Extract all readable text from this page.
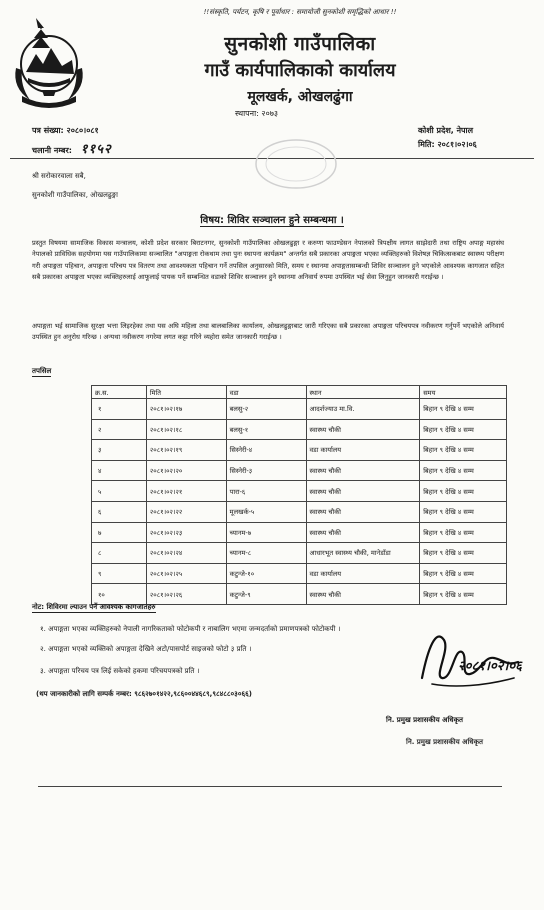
!!संस्कृति, पर्यटन, कृषि र पूर्वाधार : समायोजी सुनकोशी समृद्धिको आधार !!
सुनकोशी गाउँपालिका
गाउँ कार्यपालिकाको कार्यालय
मूलखर्क, ओखलढुंगा
स्थापना: २०७३
पत्र संख्या: २०८०।०८१
चलानी नम्बर: ११५२
कोशी प्रदेश, नेपाल
मिति: २०८१।०२।०६
श्री सरोकारवाला सबै,
सुनकोशी गाउँपालिका, ओखलढुङ्गा
विषय: शिविर सञ्चालन हुने सम्बन्धमा ।
प्रस्तुत विषयमा सामाजिक विकास मन्त्रालय, कोशी प्रदेश सरकार बिराटनगर, सुनकोशी गाउँपालिका ओखलढुङ्गा र करुणा फाउण्डेसन नेपालको त्रिपक्षीय लागत साझेदारी तथा राष्ट्रिय अपाङ्ग महासंघ नेपालको प्राविधिक सहयोगमा यस गाउँपालिकामा सञ्चालित "अपाङ्गता रोकथाम तथा पुनः स्थापना कार्यक्रम" अन्तर्गत सबै प्रकारका अपाङ्गता भएका व्यक्तिहरुको विशेषज्ञ चिकित्सकबाट स्वास्थ्य परीक्षण गरी अपाङ्गता पहिचान, अपाङ्गता परिचय पत्र वितरण तथा आवश्यकता पहिचान गर्ने तपसिल अनुसारको मिति, समय र स्थानमा अपाङ्गतासम्बन्धी शिविर सञ्चालन हुने भएकोले आवश्यक कागजात सहित सबै प्रकारका अपाङ्गता भएका व्यक्तिहरुलाई आफूलाई पायक पर्ने सम्बन्धित वडाको शिविर सञ्चालन हुने स्थानमा अनिवार्य रुपमा उपस्थित भई सेवा लिनुहुन जानकारी गराईन्छ ।
अपाङ्गता भई सामाजिक सुरक्षा भत्ता लिइरहेका तथा यस अघि महिला तथा बालबालिका कार्यालय, ओखलढुङ्गाबाट जारी गरिएका सबै प्रकारका अपाङ्गता परिचयपत्र नवीकरण गर्नुपर्ने भएकोले अनिवार्य उपस्थित हुन अनुरोध गरिन्छ । अन्यथा नवीकरण नगरेमा लगत कट्टा गरिने व्यहोरा समेत जानकारी गराईन्छ ।
तपसिल
क्र.स.	मिति	वडा	स्थान	समय
१	२०८१।०२।१७	बलसु-२	आदर्शज्याउ मा.वि.	बिहान ९ देखि ४ सम्म
२	२०८१।०२।१८	बलसु-१	स्वास्थ्य चौकी	बिहान ९ देखि ४ सम्म
३	२०८१।०२।१९	सिस्नेरी-४	वडा कार्यालय	बिहान ९ देखि ४ सम्म
४	२०८१।०२।२०	सिस्नेरी-३	स्वास्थ्य चौकी	बिहान ९ देखि ४ सम्म
५	२०८१।०२।२१	पारा-६	स्वास्थ्य चौकी	बिहान ९ देखि ४ सम्म
६	२०८१।०२।२२	मूलखर्क-५	स्वास्थ्य चौकी	बिहान ९ देखि ४ सम्म
७	२०८१।०२।२३	च्यानम-७	स्वास्थ्य चौकी	बिहान ९ देखि ४ सम्म
८	२०८१।०२।२४	च्यानम-८	आधारभूत स्वास्थ्य चौकी, मानेडाँडा	बिहान ९ देखि ४ सम्म
९	२०८१।०२।२५	कटुन्जे-१०	वडा कार्यालय	बिहान ९ देखि ४ सम्म
१०	२०८१।०२।२६	कटुन्जे-९	स्वास्थ्य चौकी	बिहान ९ देखि ४ सम्म
नोट: शिविरमा ल्याउन पर्ने आवश्यक कागजातहरु
१. अपाङ्गता भएका व्यक्तिहरुको नेपाली नागरिकताको फोटोकपी र नाबालिग भएमा जन्मदर्ताको प्रमाणपत्रको फोटोकपी ।
२. अपाङ्गता भएको व्यक्तिको अपाङ्गता देखिने अटो/पासपोर्ट साइजको फोटो ३ प्रति ।
३. अपाङ्गता परिचय पत्र लिई सकेको हकमा परिचयपत्रको प्रति ।
(थप जानकारीको लागि सम्पर्क नम्बर: ९८६२७०१४२२,९८६००४४६८९,९८४८८०३०६६)
२०८१।०२।०६
नि. प्रमुख प्रशासकीय अधिकृत
नि. प्रमुख प्रशासकीय अधिकृत
